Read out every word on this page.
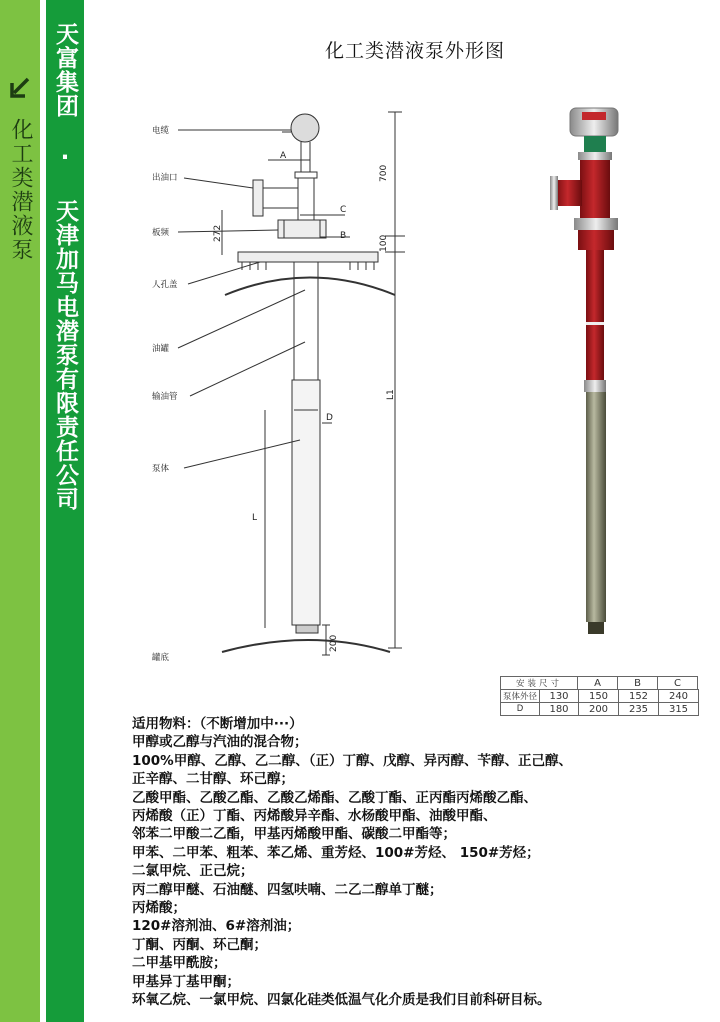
化工类潜液泵 天富集团 · 天津加马电潜泵有限责任公司	化工类潜液泵外形图
电缆
出油口
板频
人孔盖
油罐
输油管
泵体
罐底
A
C
B
D
L
700
100
272
L1
200
安装尺寸	A	B	C

泵体外径	130	150	152	240
D	180	200	235	315
适用物料：（不断增加中···）
甲醇或乙醇与汽油的混合物；
100%甲醇、乙醇、乙二醇、（正）丁醇、戊醇、异丙醇、苄醇、正己醇、
正辛醇、二甘醇、环己醇；
乙酸甲酯、乙酸乙酯、乙酸乙烯酯、乙酸丁酯、正丙酯丙烯酸乙酯、
丙烯酸（正）丁酯、丙烯酸异辛酯、水杨酸甲酯、油酸甲酯、
邻苯二甲酸二乙酯，甲基丙烯酸甲酯、碳酸二甲酯等；
甲苯、二甲苯、粗苯、苯乙烯、重芳烃、100#芳烃、 150#芳烃；
二氯甲烷、正己烷；
丙二醇甲醚、石油醚、四氢呋喃、二乙二醇单丁醚；
丙烯酸；
120#溶剂油、6#溶剂油；
丁酮、丙酮、环己酮；
二甲基甲酰胺；
甲基异丁基甲酮；
环氧乙烷、一氯甲烷、四氯化硅类低温气化介质是我们目前科研目标。
